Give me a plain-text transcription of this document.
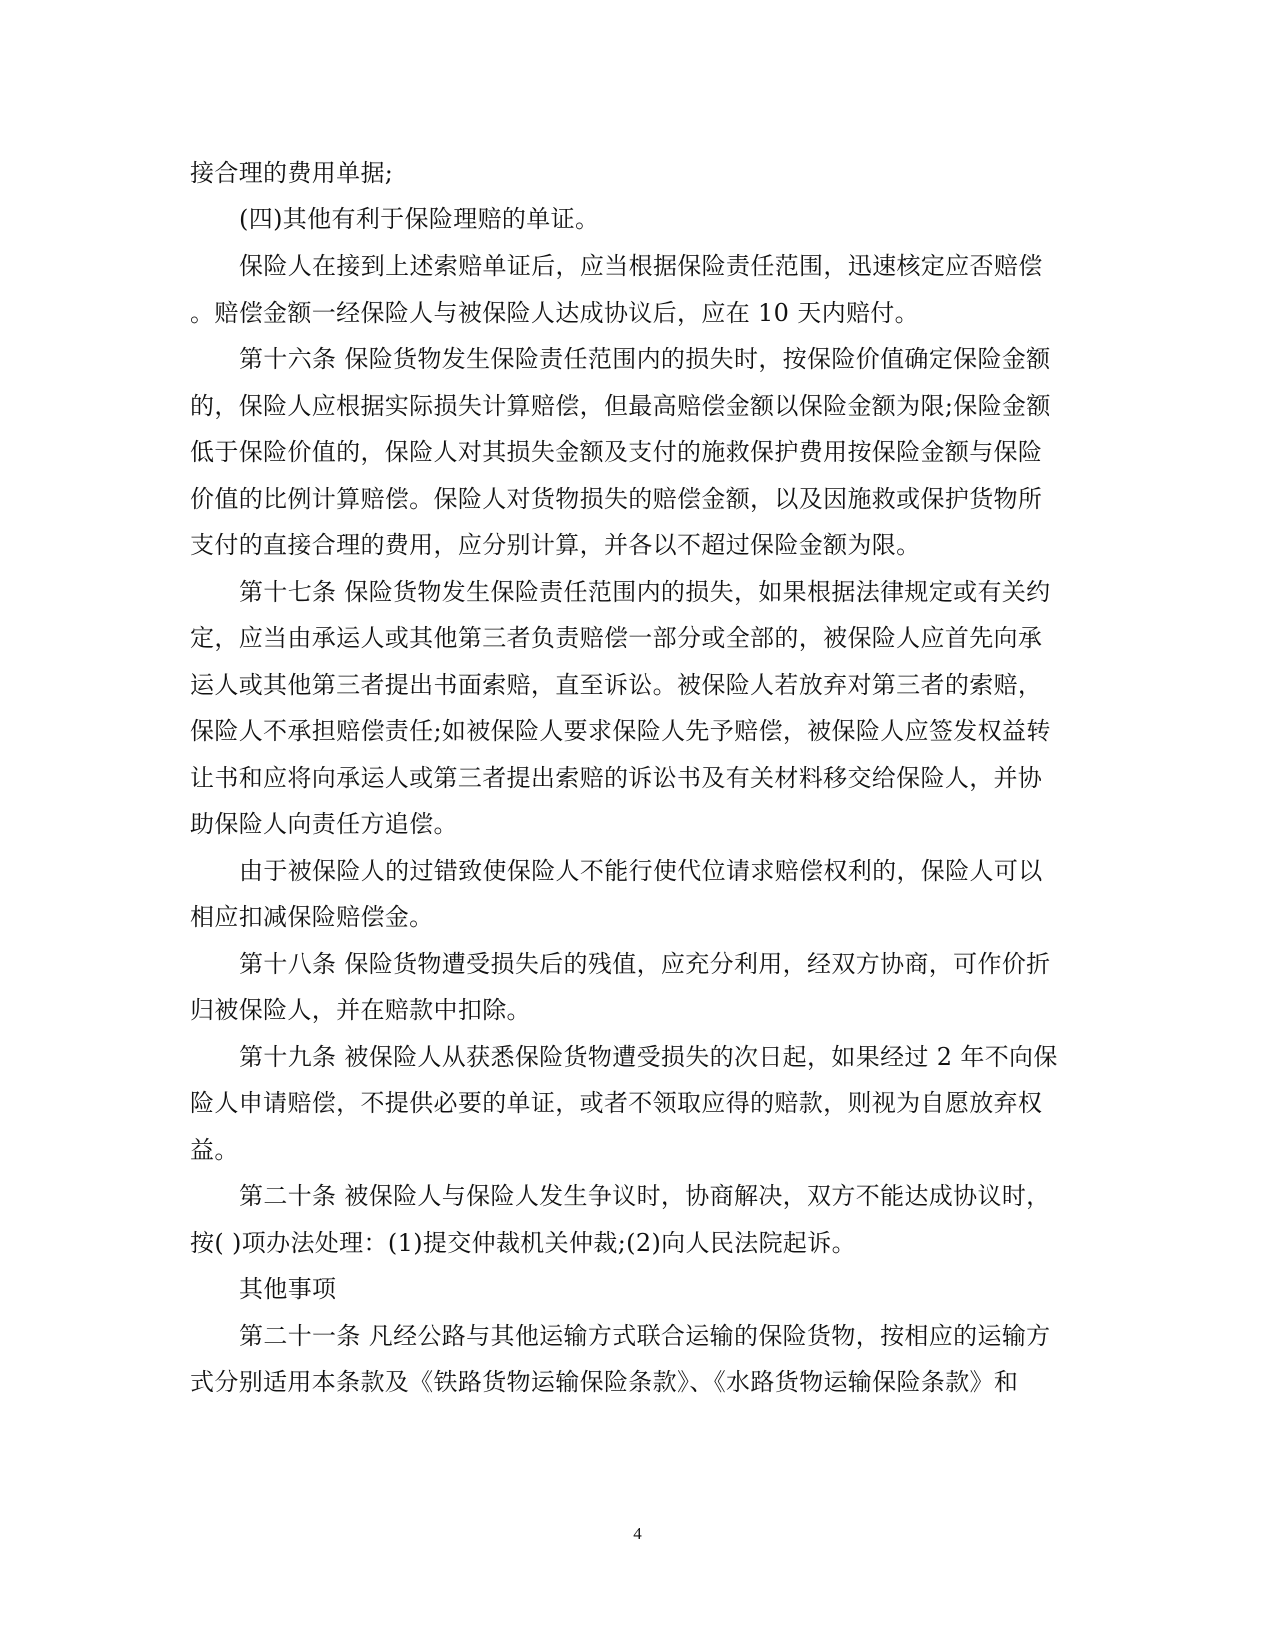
接合理的费用单据;
(四)其他有利于保险理赔的单证。
保险人在接到上述索赔单证后，应当根据保险责任范围，迅速核定应否赔偿
。赔偿金额一经保险人与被保险人达成协议后，应在 10 天内赔付。
第十六条 保险货物发生保险责任范围内的损失时，按保险价值确定保险金额
的，保险人应根据实际损失计算赔偿，但最高赔偿金额以保险金额为限;保险金额
低于保险价值的，保险人对其损失金额及支付的施救保护费用按保险金额与保险
价值的比例计算赔偿。保险人对货物损失的赔偿金额，以及因施救或保护货物所
支付的直接合理的费用，应分别计算，并各以不超过保险金额为限。
第十七条 保险货物发生保险责任范围内的损失，如果根据法律规定或有关约
定，应当由承运人或其他第三者负责赔偿一部分或全部的，被保险人应首先向承
运人或其他第三者提出书面索赔，直至诉讼。被保险人若放弃对第三者的索赔，
保险人不承担赔偿责任;如被保险人要求保险人先予赔偿，被保险人应签发权益转
让书和应将向承运人或第三者提出索赔的诉讼书及有关材料移交给保险人，并协
助保险人向责任方追偿。
由于被保险人的过错致使保险人不能行使代位请求赔偿权利的，保险人可以
相应扣减保险赔偿金。
第十八条 保险货物遭受损失后的残值，应充分利用，经双方协商，可作价折
归被保险人，并在赔款中扣除。
第十九条 被保险人从获悉保险货物遭受损失的次日起，如果经过 2 年不向保
险人申请赔偿，不提供必要的单证，或者不领取应得的赔款，则视为自愿放弃权
益。
第二十条 被保险人与保险人发生争议时，协商解决，双方不能达成协议时，
按( )项办法处理：(1)提交仲裁机关仲裁;(2)向人民法院起诉。
其他事项
第二十一条 凡经公路与其他运输方式联合运输的保险货物，按相应的运输方
式分别适用本条款及《铁路货物运输保险条款》、《水路货物运输保险条款》和
4
